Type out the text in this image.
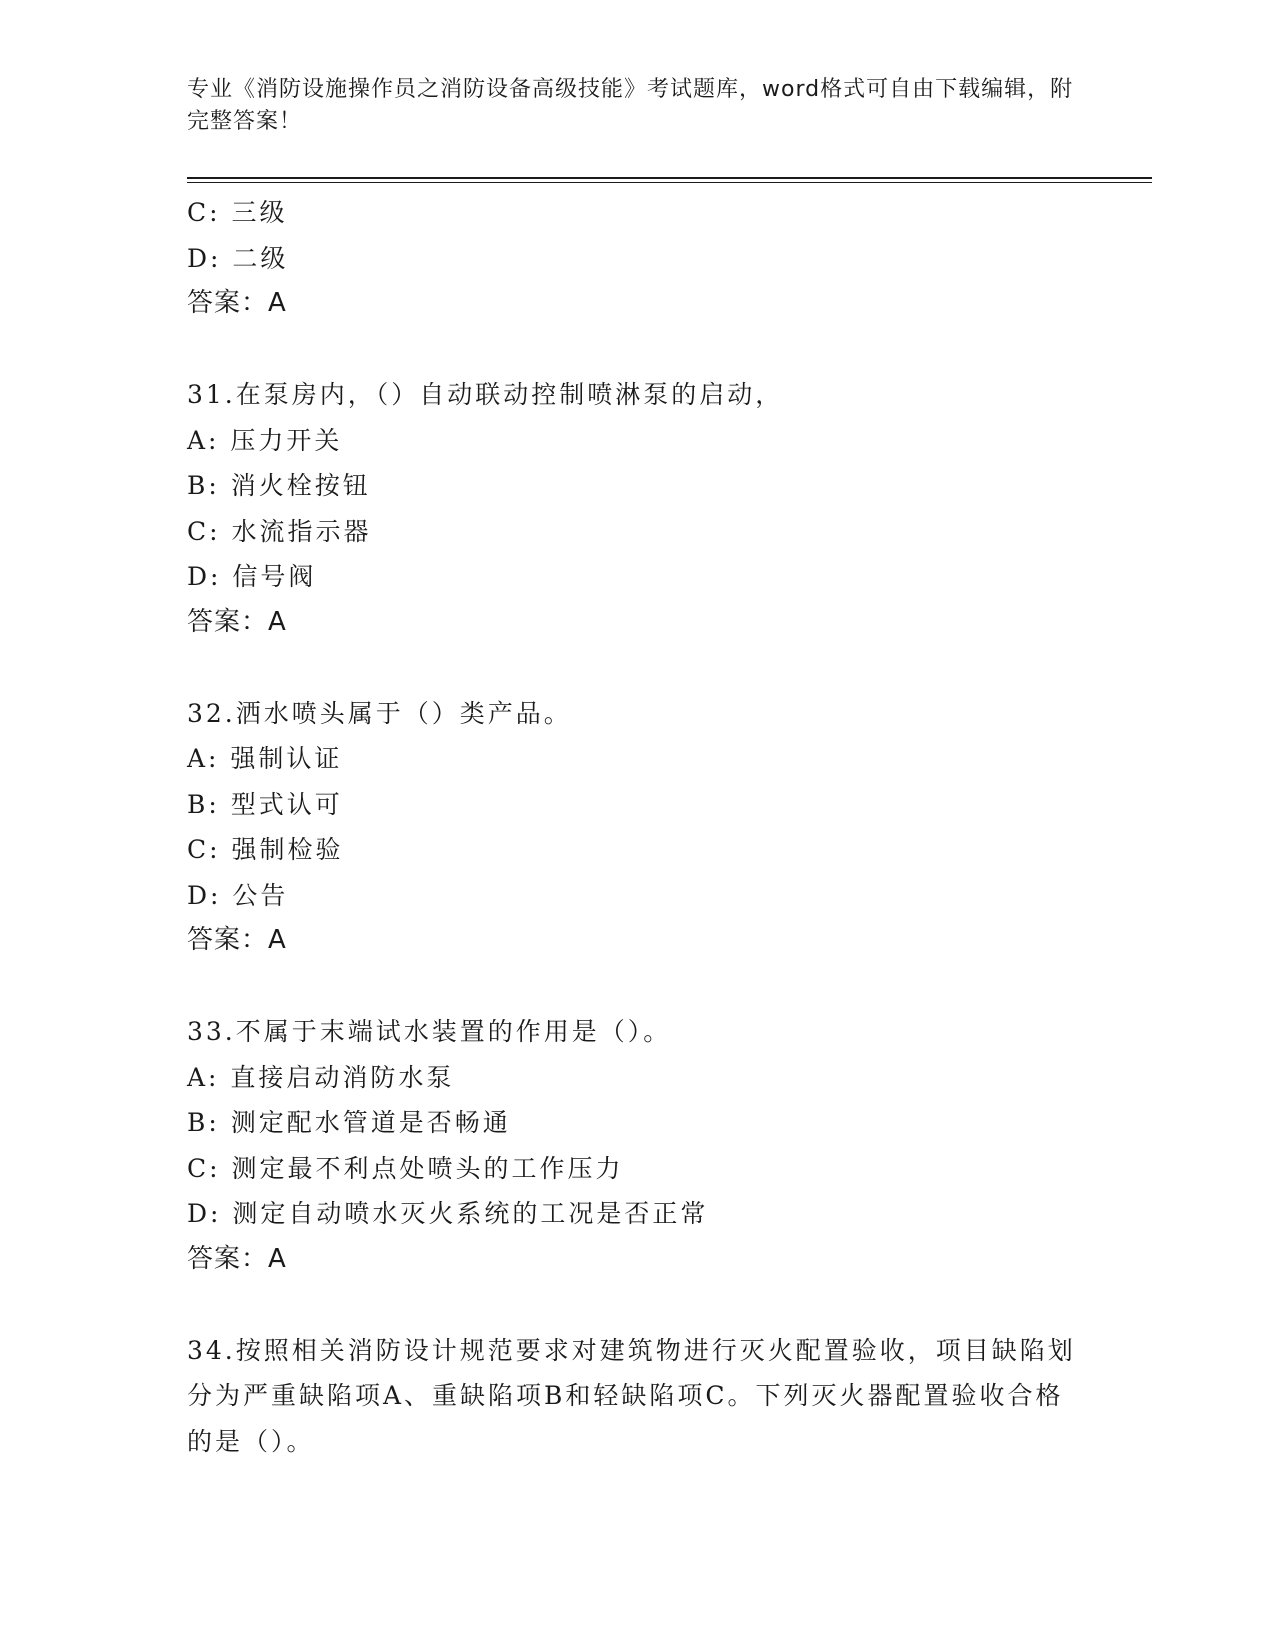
专业《消防设施操作员之消防设备高级技能》考试题库，word格式可自由下载编辑，附完整答案！
C: 三级
D: 二级
答案：A
31.在泵房内，（）自动联动控制喷淋泵的启动，
A: 压力开关
B: 消火栓按钮
C: 水流指示器
D: 信号阀
答案：A
32.洒水喷头属于（）类产品。
A: 强制认证
B: 型式认可
C: 强制检验
D: 公告
答案：A
33.不属于末端试水装置的作用是（）。
A: 直接启动消防水泵
B: 测定配水管道是否畅通
C: 测定最不利点处喷头的工作压力
D: 测定自动喷水灭火系统的工况是否正常
答案：A
34.按照相关消防设计规范要求对建筑物进行灭火配置验收，项目缺陷划分为严重缺陷项A、重缺陷项B和轻缺陷项C。下列灭火器配置验收合格的是（）。
